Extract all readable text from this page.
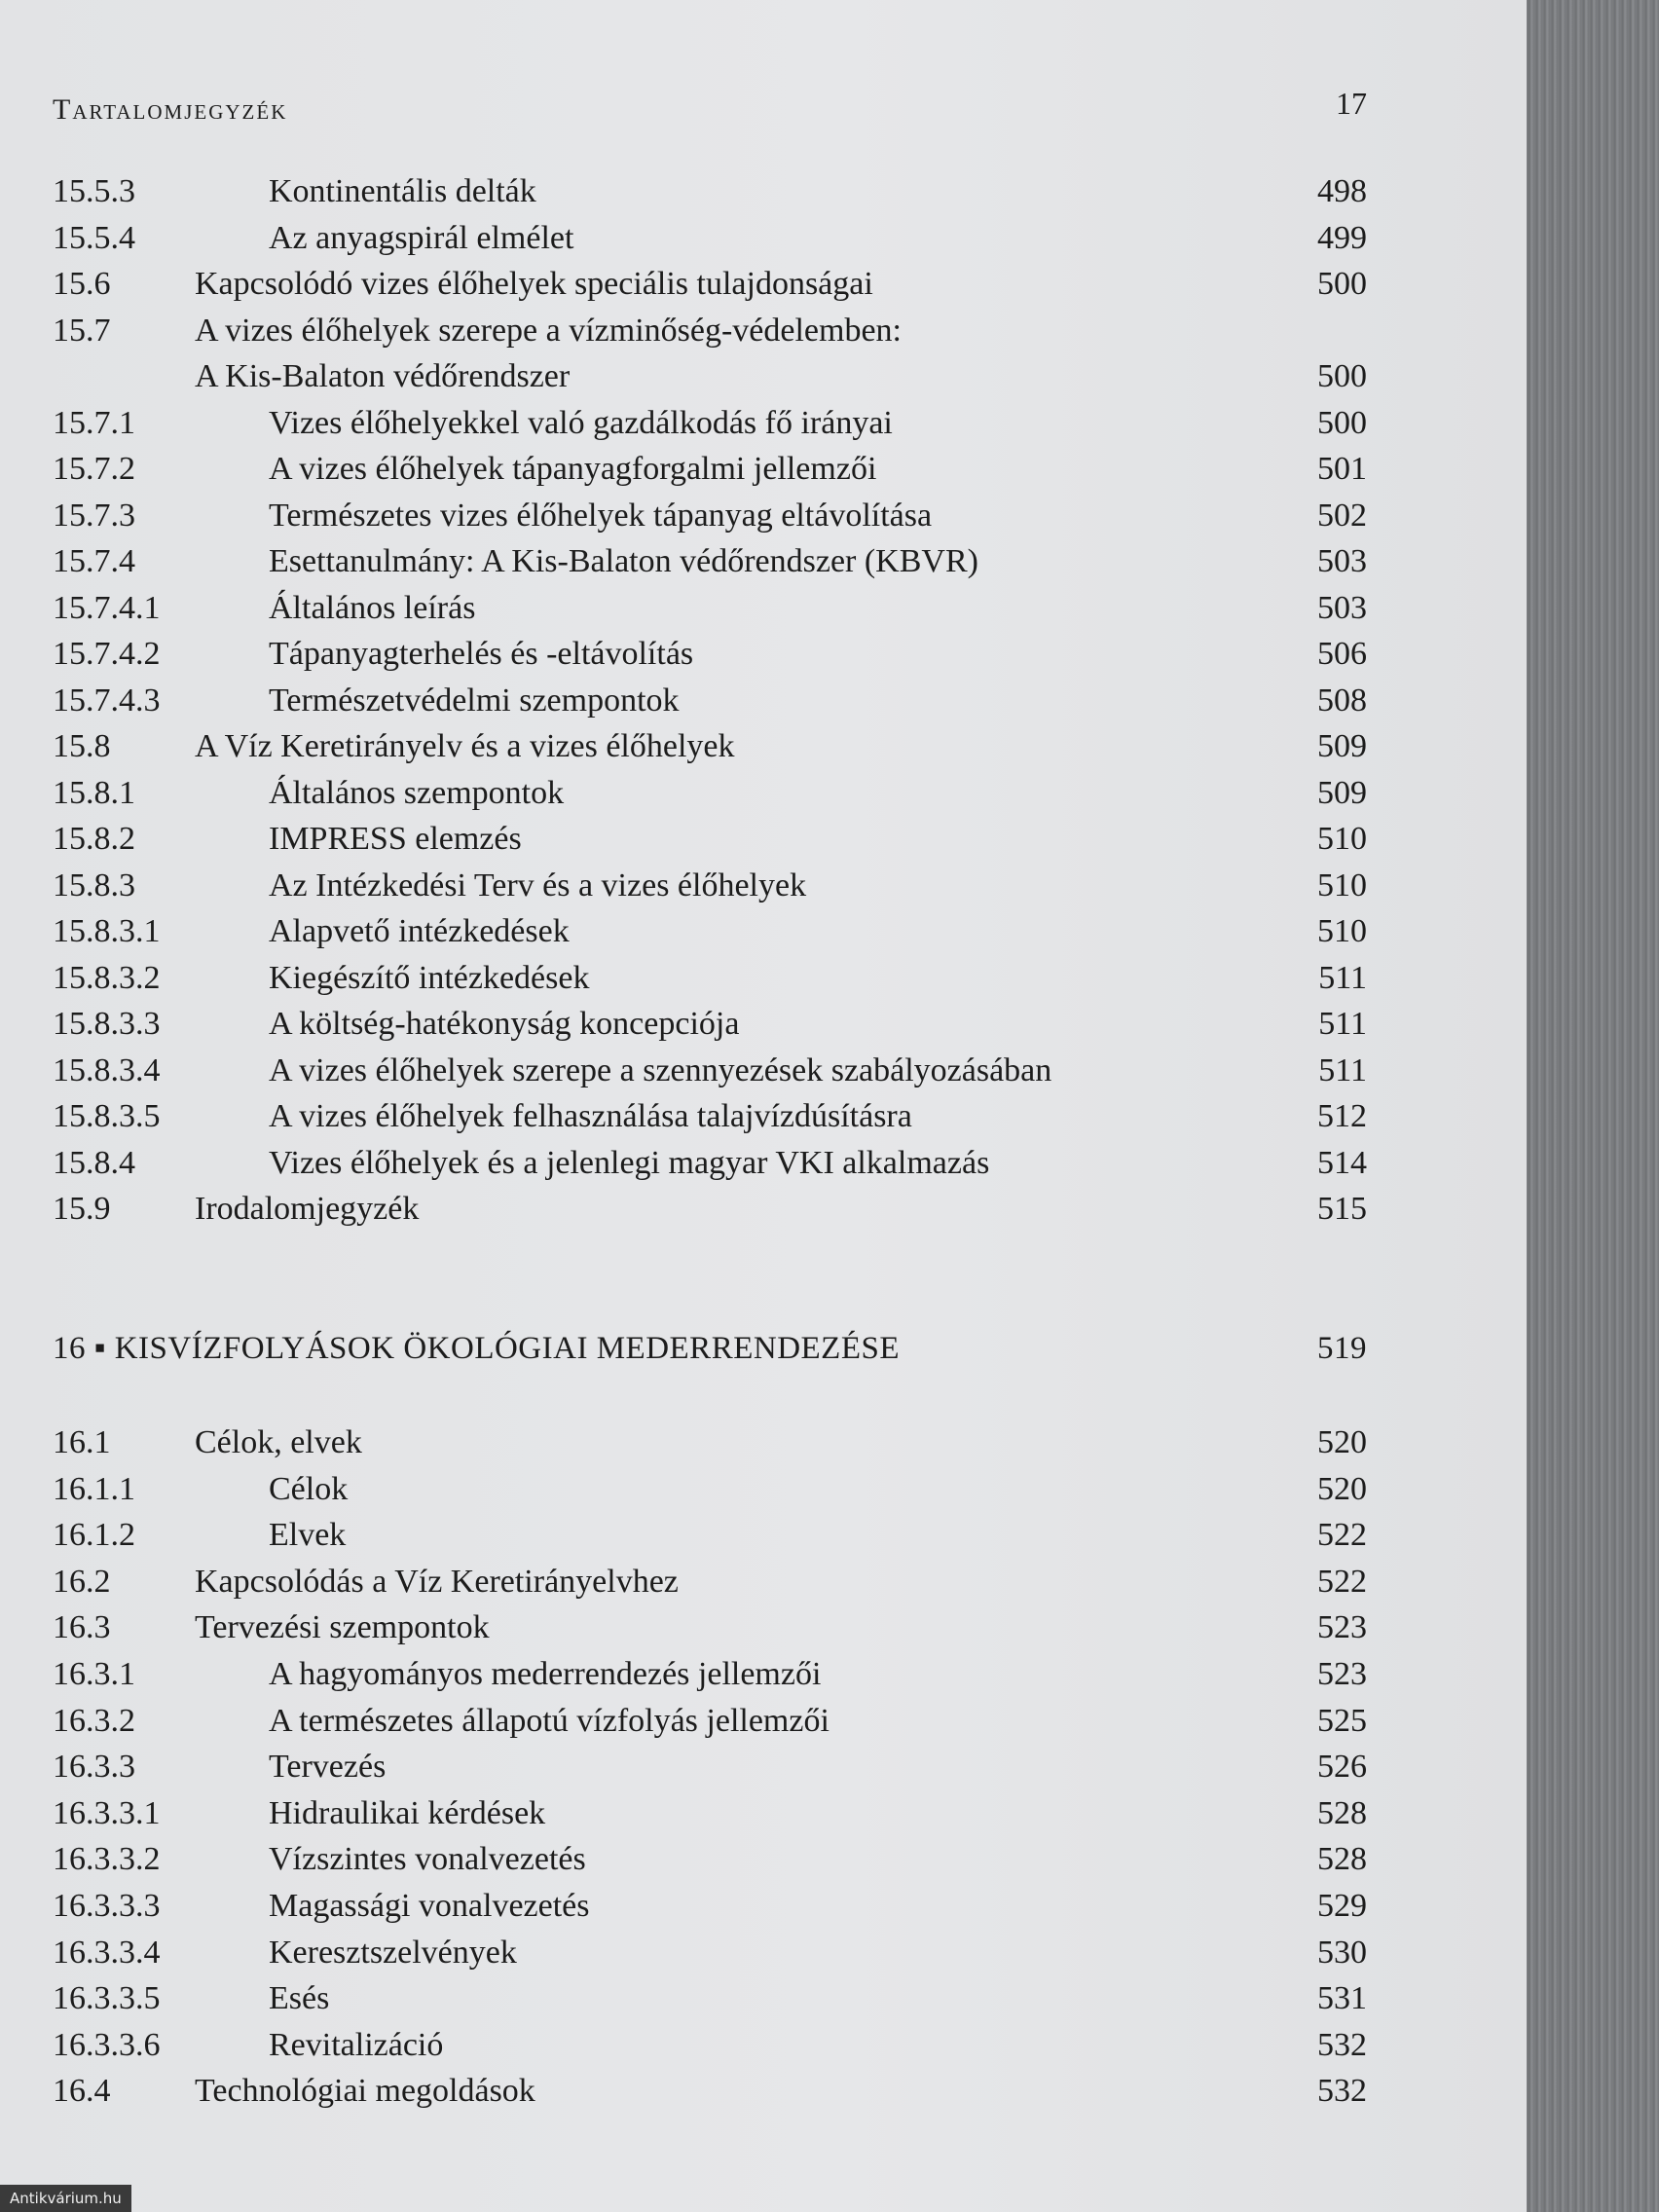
Tartalomjegyzék	17
15.5.3	Kontinentális delták	498
15.5.4	Az anyagspirál elmélet	499
15.6	Kapcsolódó vizes élőhelyek speciális tulajdonságai	500
15.7	A vizes élőhelyek szerepe a vízminőség-védelemben:
A Kis-Balaton védőrendszer	500
15.7.1	Vizes élőhelyekkel való gazdálkodás fő irányai	500
15.7.2	A vizes élőhelyek tápanyagforgalmi jellemzői	501
15.7.3	Természetes vizes élőhelyek tápanyag eltávolítása	502
15.7.4	Esettanulmány: A Kis-Balaton védőrendszer (KBVR)	503
15.7.4.1	Általános leírás	503
15.7.4.2	Tápanyagterhelés és -eltávolítás	506
15.7.4.3	Természetvédelmi szempontok	508
15.8	A Víz Keretirányelv és a vizes élőhelyek	509
15.8.1	Általános szempontok	509
15.8.2	IMPRESS elemzés	510
15.8.3	Az Intézkedési Terv és a vizes élőhelyek	510
15.8.3.1	Alapvető intézkedések	510
15.8.3.2	Kiegészítő intézkedések	511
15.8.3.3	A költség-hatékonyság koncepciója	511
15.8.3.4	A vizes élőhelyek szerepe a szennyezések szabályozásában	511
15.8.3.5	A vizes élőhelyek felhasználása talajvízdúsításra	512
15.8.4	Vizes élőhelyek és a jelenlegi magyar VKI alkalmazás	514
15.9	Irodalomjegyzék	515
16 ▪ KISVÍZFOLYÁSOK ÖKOLÓGIAI MEDERRENDEZÉSE	519
16.1	Célok, elvek	520
16.1.1	Célok	520
16.1.2	Elvek	522
16.2	Kapcsolódás a Víz Keretirányelvhez	522
16.3	Tervezési szempontok	523
16.3.1	A hagyományos mederrendezés jellemzői	523
16.3.2	A természetes állapotú vízfolyás jellemzői	525
16.3.3	Tervezés	526
16.3.3.1	Hidraulikai kérdések	528
16.3.3.2	Vízszintes vonalvezetés	528
16.3.3.3	Magassági vonalvezetés	529
16.3.3.4	Keresztszelvények	530
16.3.3.5	Esés	531
16.3.3.6	Revitalizáció	532
16.4	Technológiai megoldások	532
Antikvárium.hu
